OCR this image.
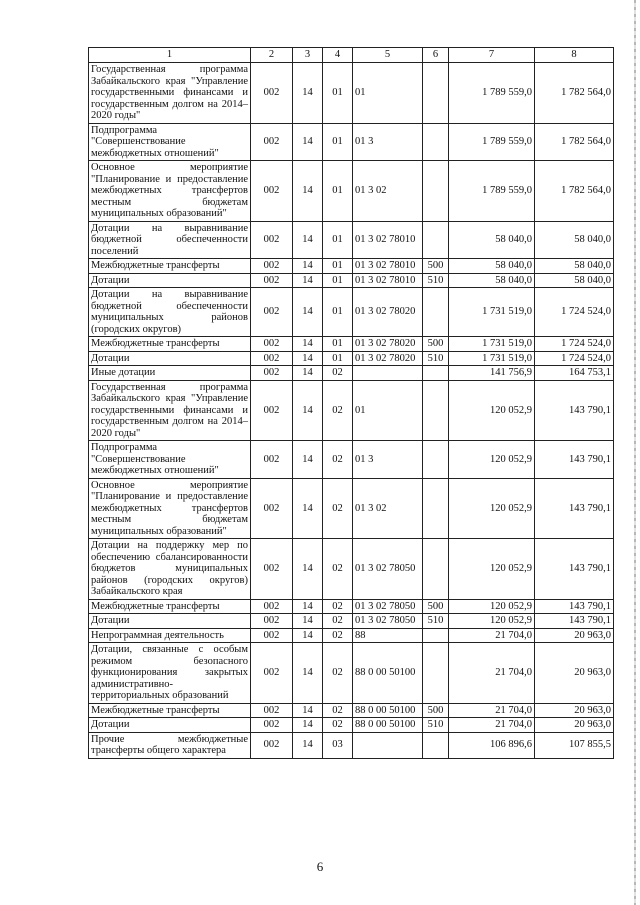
1	2	3	4	5	6	7	8
Государственная программа Забайкальского края "Управление государственными финансами и государственным долгом на 2014–2020 годы"	002	14	01	01		1 789 559,0	1 782 564,0
Подпрограмма "Совершенствование межбюджетных отношений"	002	14	01	01 3		1 789 559,0	1 782 564,0
Основное мероприятие "Планирование и предоставление межбюджетных трансфертов местным бюджетам муниципальных образований"	002	14	01	01 3 02		1 789 559,0	1 782 564,0
Дотации на выравнивание бюджетной обеспеченности поселений	002	14	01	01 3 02 78010		58 040,0	58 040,0
Межбюджетные трансферты	002	14	01	01 3 02 78010	500	58 040,0	58 040,0
Дотации	002	14	01	01 3 02 78010	510	58 040,0	58 040,0
Дотации на выравнивание бюджетной обеспеченности муниципальных районов (городских округов)	002	14	01	01 3 02 78020		1 731 519,0	1 724 524,0
Межбюджетные трансферты	002	14	01	01 3 02 78020	500	1 731 519,0	1 724 524,0
Дотации	002	14	01	01 3 02 78020	510	1 731 519,0	1 724 524,0
Иные дотации	002	14	02			141 756,9	164 753,1
Государственная программа Забайкальского края "Управление государственными финансами и государственным долгом на 2014–2020 годы"	002	14	02	01		120 052,9	143 790,1
Подпрограмма "Совершенствование межбюджетных отношений"	002	14	02	01 3		120 052,9	143 790,1
Основное мероприятие "Планирование и предоставление межбюджетных трансфертов местным бюджетам муниципальных образований"	002	14	02	01 3 02		120 052,9	143 790,1
Дотации на поддержку мер по обеспечению сбалансированности бюджетов муниципальных районов (городских округов) Забайкальского края	002	14	02	01 3 02 78050		120 052,9	143 790,1
Межбюджетные трансферты	002	14	02	01 3 02 78050	500	120 052,9	143 790,1
Дотации	002	14	02	01 3 02 78050	510	120 052,9	143 790,1
Непрограммная деятельность	002	14	02	88		21 704,0	20 963,0
Дотации, связанные с особым режимом безопасного функционирования закрытых административно-территориальных образований	002	14	02	88 0 00 50100		21 704,0	20 963,0
Межбюджетные трансферты	002	14	02	88 0 00 50100	500	21 704,0	20 963,0
Дотации	002	14	02	88 0 00 50100	510	21 704,0	20 963,0
Прочие межбюджетные трансферты общего характера	002	14	03			106 896,6	107 855,5
6
